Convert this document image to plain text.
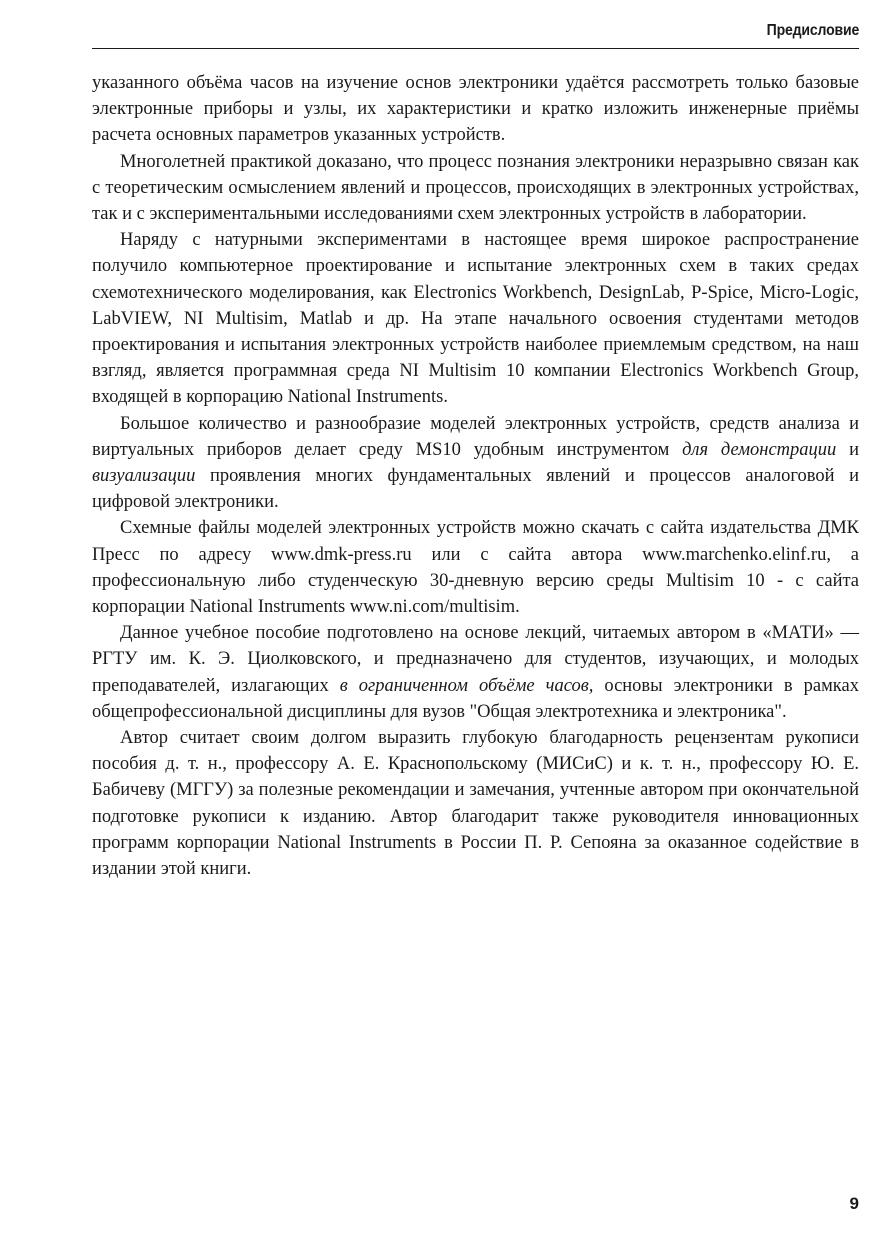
Предисловие

указанного объёма часов на изучение основ электроники удаётся рассмотреть только базовые электронные приборы и узлы, их характеристики и кратко изложить инженерные приёмы расчета основных параметров указанных устройств.

Многолетней практикой доказано, что процесс познания электроники неразрывно связан как с теоретическим осмыслением явлений и процессов, происходящих в электронных устройствах, так и с экспериментальными исследованиями схем электронных устройств в лаборатории.

Наряду с натурными экспериментами в настоящее время широкое распространение получило компьютерное проектирование и испытание электронных схем в таких средах схемотехнического моделирования, как Electronics Workbench, DesignLab, P-Spice, Micro-Logic, LabVIEW, NI Multisim, Matlab и др. На этапе начального освоения студентами методов проектирования и испытания электронных устройств наиболее приемлемым средством, на наш взгляд, является программная среда NI Multisim 10 компании Electronics Workbench Group, входящей в корпорацию National Instruments.

Большое количество и разнообразие моделей электронных устройств, средств анализа и виртуальных приборов делает среду MS10 удобным инструментом для демонстрации и визуализации проявления многих фундаментальных явлений и процессов аналоговой и цифровой электроники.

Схемные файлы моделей электронных устройств можно скачать с сайта издательства ДМК Пресс по адресу www.dmk-press.ru или с сайта автора www.marchenko.elinf.ru, а профессиональную либо студенческую 30-дневную версию среды Multisim 10 - с сайта корпорации National Instruments www.ni.com/multisim.

Данное учебное пособие подготовлено на основе лекций, читаемых автором в «МАТИ» — РГТУ им. К. Э. Циолковского, и предназначено для студентов, изучающих, и молодых преподавателей, излагающих в ограниченном объёме часов, основы электроники в рамках общепрофессиональной дисциплины для вузов "Общая электротехника и электроника".

Автор считает своим долгом выразить глубокую благодарность рецензентам рукописи пособия д. т. н., профессору А. Е. Краснопольскому (МИСиС) и к. т. н., профессору Ю. Е. Бабичеву (МГГУ) за полезные рекомендации и замечания, учтенные автором при окончательной подготовке рукописи к изданию. Автор благодарит также руководителя инновационных программ корпорации National Instruments в России П. Р. Сепояна за оказанное содействие в издании этой книги.

9
